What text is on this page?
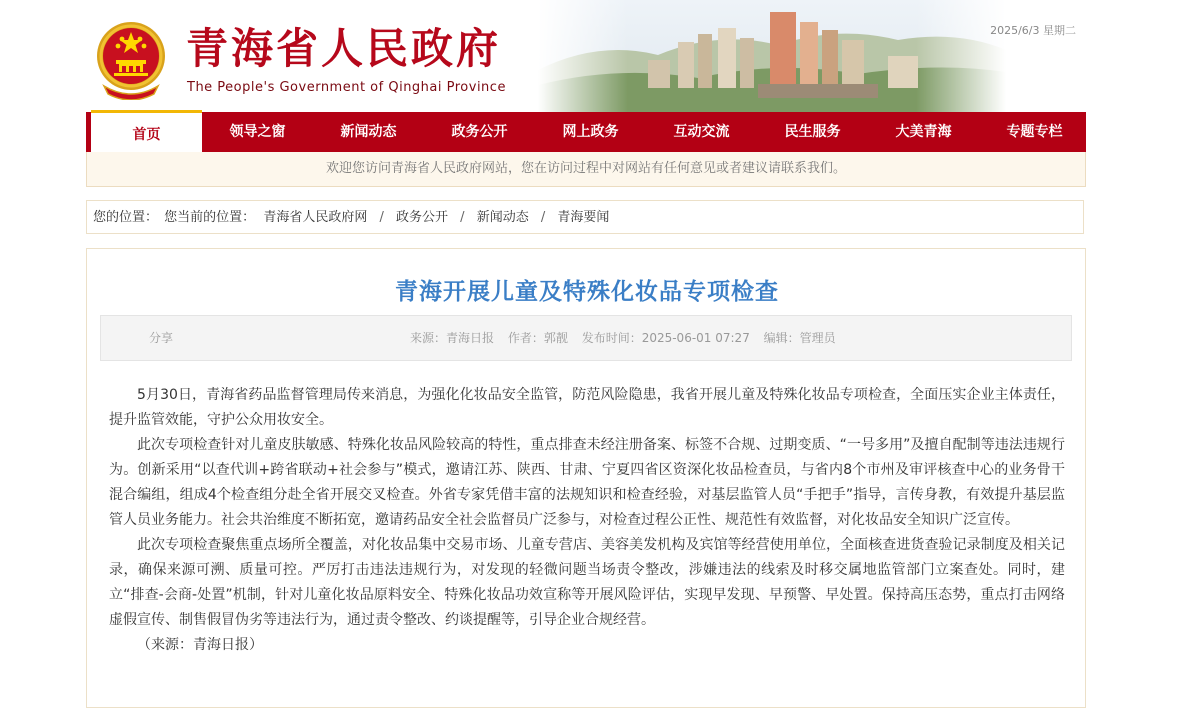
青海省人民政府
The People's Government of Qinghai Province
2025/6/3 星期二
首页	领导之窗	新闻动态	政务公开	网上政务	互动交流	民生服务	大美青海	专题专栏
欢迎您访问青海省人民政府网站，您在访问过程中对网站有任何意见或者建议请联系我们。
您的位置： 您当前的位置： 青海省人民政府网 / 政务公开 / 新闻动态 / 青海要闻
青海开展儿童及特殊化妆品专项检查
分享	来源：青海日报 作者：郭靓 发布时间：2025-06-01 07:27 编辑：管理员

5月30日，青海省药品监督管理局传来消息，为强化化妆品安全监管，防范风险隐患，我省开展儿童及特殊化妆品专项检查，全面压实企业主体责任，提升监管效能，守护公众用妆安全。

此次专项检查针对儿童皮肤敏感、特殊化妆品风险较高的特性，重点排查未经注册备案、标签不合规、过期变质、“一号多用”及擅自配制等违法违规行为。创新采用“以查代训+跨省联动+社会参与”模式，邀请江苏、陕西、甘肃、宁夏四省区资深化妆品检查员，与省内8个市州及审评核查中心的业务骨干混合编组，组成4个检查组分赴全省开展交叉检查。外省专家凭借丰富的法规知识和检查经验，对基层监管人员“手把手”指导，言传身教，有效提升基层监管人员业务能力。社会共治维度不断拓宽，邀请药品安全社会监督员广泛参与，对检查过程公正性、规范性有效监督，对化妆品安全知识广泛宣传。

此次专项检查聚焦重点场所全覆盖，对化妆品集中交易市场、儿童专营店、美容美发机构及宾馆等经营使用单位，全面核查进货查验记录制度及相关记录，确保来源可溯、质量可控。严厉打击违法违规行为，对发现的轻微问题当场责令整改，涉嫌违法的线索及时移交属地监管部门立案查处。同时，建立“排查-会商-处置”机制，针对儿童化妆品原料安全、特殊化妆品功效宣称等开展风险评估，实现早发现、早预警、早处置。保持高压态势，重点打击网络虚假宣传、制售假冒伪劣等违法行为，通过责令整改、约谈提醒等，引导企业合规经营。

（来源：青海日报）
